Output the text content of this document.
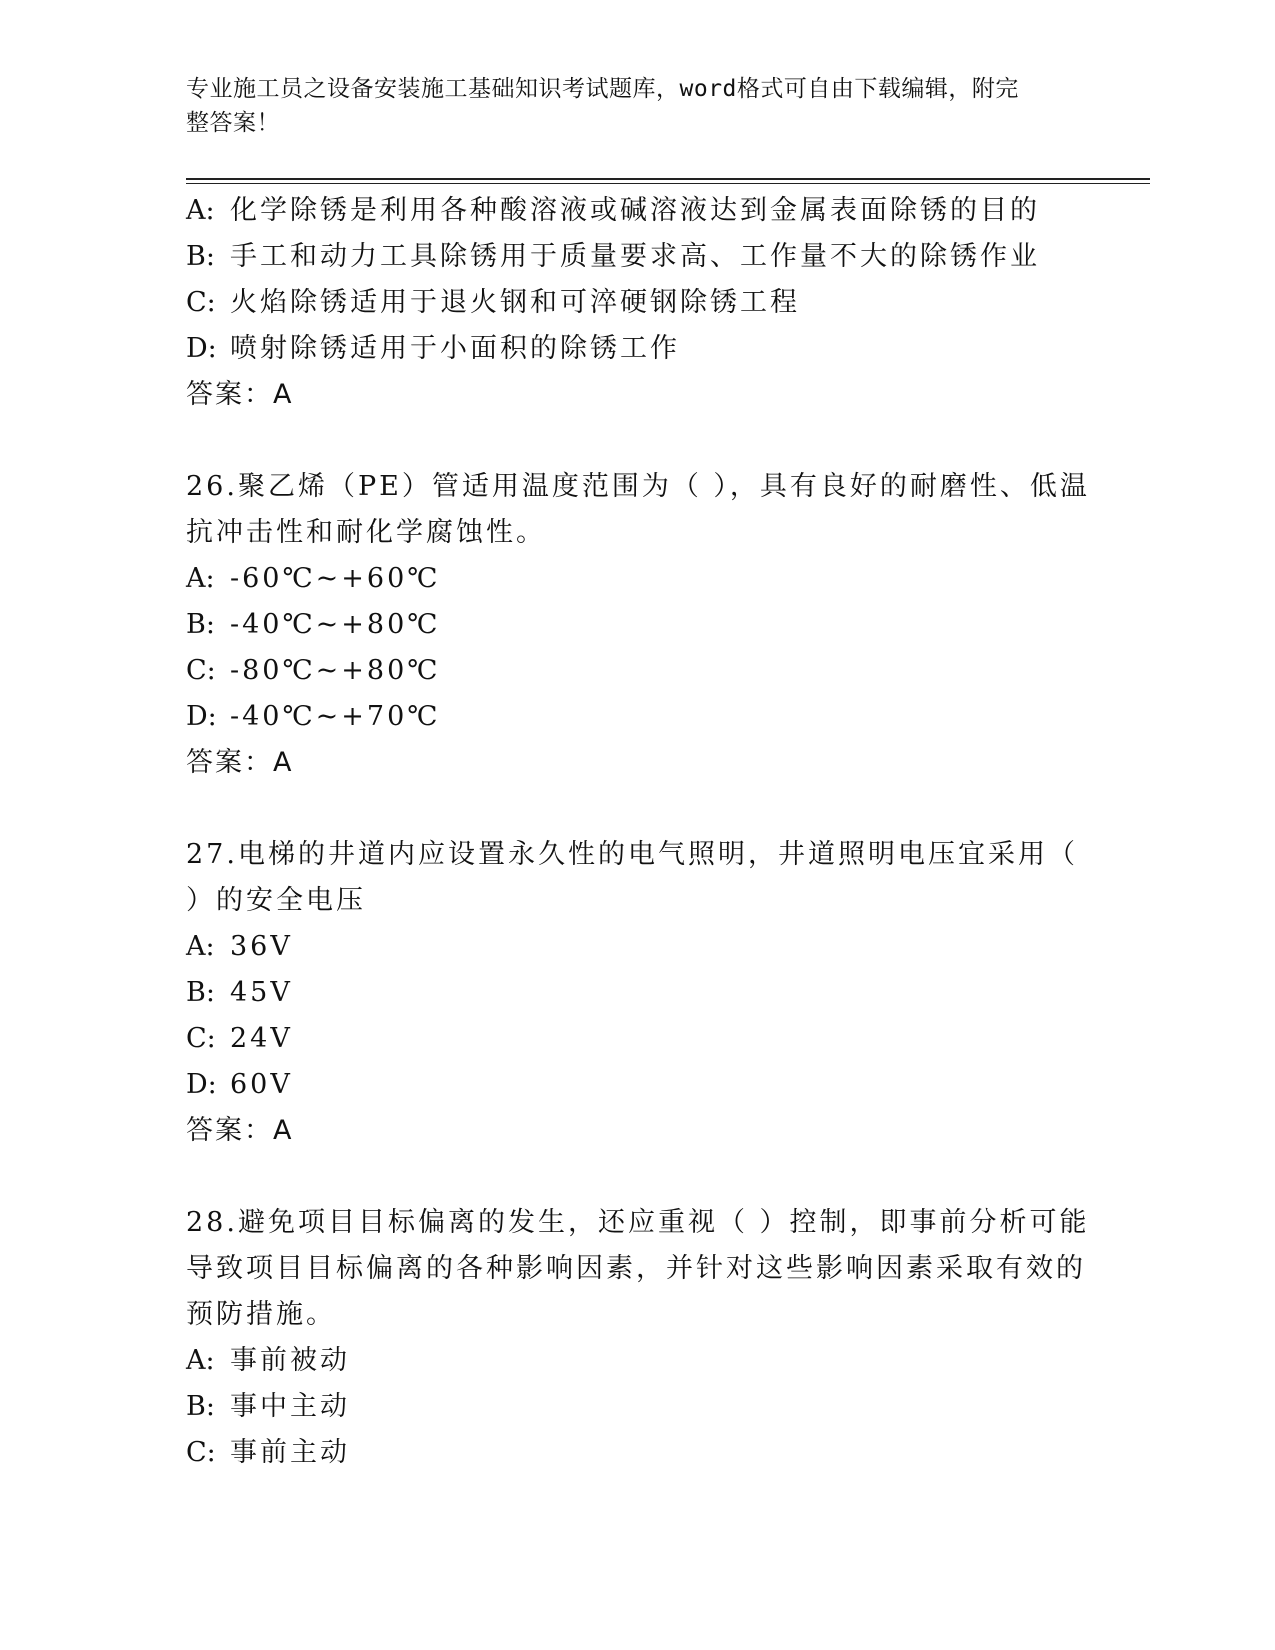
专业施工员之设备安装施工基础知识考试题库，word格式可自由下载编辑，附完
整答案！
A: 化学除锈是利用各种酸溶液或碱溶液达到金属表面除锈的目的
B: 手工和动力工具除锈用于质量要求高、工作量不大的除锈作业
C: 火焰除锈适用于退火钢和可淬硬钢除锈工程
D: 喷射除锈适用于小面积的除锈工作
答案：A
26.聚乙烯（PE）管适用温度范围为（ ），具有良好的耐磨性、低温
抗冲击性和耐化学腐蚀性。
A: -60℃~+60℃
B: -40℃~+80℃
C: -80℃~+80℃
D: -40℃~+70℃
答案：A
27.电梯的井道内应设置永久性的电气照明，井道照明电压宜采用（
）的安全电压
A: 36V
B: 45V
C: 24V
D: 60V
答案：A
28.避免项目目标偏离的发生，还应重视（ ）控制，即事前分析可能
导致项目目标偏离的各种影响因素，并针对这些影响因素采取有效的
预防措施。
A: 事前被动
B: 事中主动
C: 事前主动
